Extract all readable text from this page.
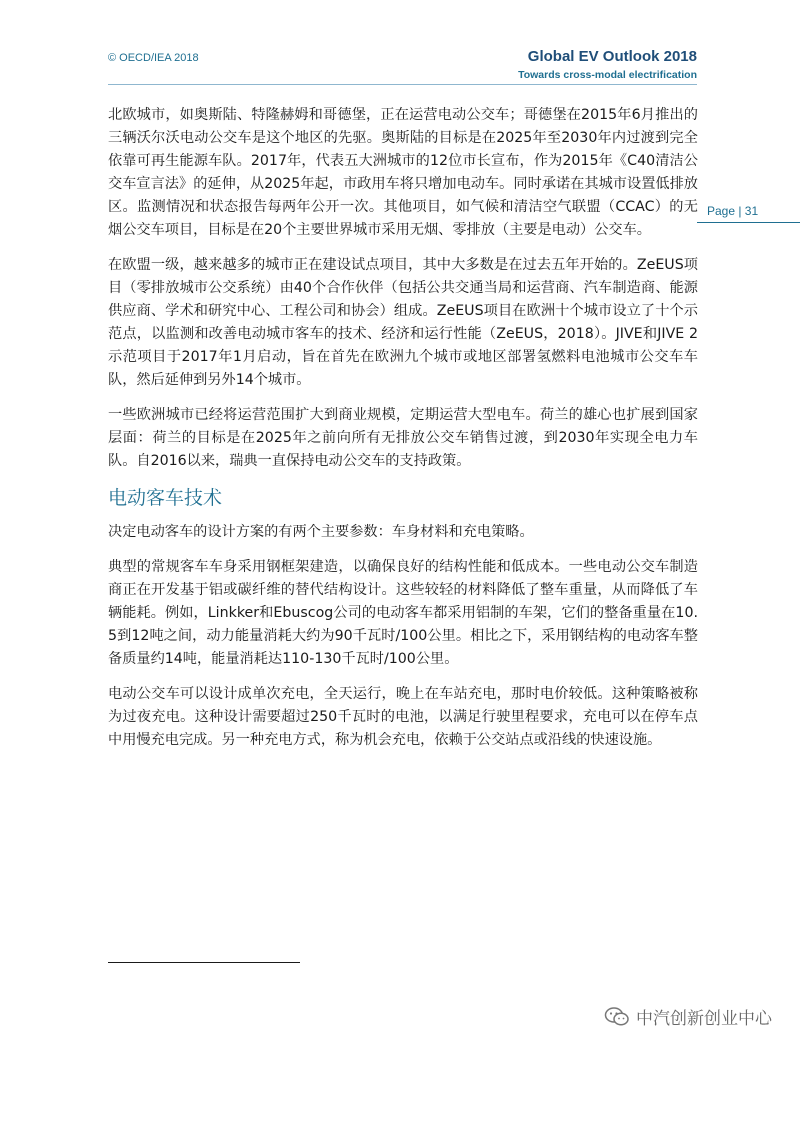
© OECD/IEA 2018	Global EV Outlook 2018
Towards cross-modal electrification
Page | 31

北欧城市，如奥斯陆、特隆赫姆和哥德堡，正在运营电动公交车；哥德堡在2015年6月推出的三辆沃尔沃电动公交车是这个地区的先驱。奥斯陆的目标是在2025年至2030年内过渡到完全依靠可再生能源车队。2017年，代表五大洲城市的12位市长宣布，作为2015年《C40清洁公交车宣言法》的延伸，从2025年起，市政用车将只增加电动车。同时承诺在其城市设置低排放区。监测情况和状态报告每两年公开一次。其他项目，如气候和清洁空气联盟（CCAC）的无烟公交车项目，目标是在20个主要世界城市采用无烟、零排放（主要是电动）公交车。

在欧盟一级，越来越多的城市正在建设试点项目，其中大多数是在过去五年开始的。ZeEUS项目（零排放城市公交系统）由40个合作伙伴（包括公共交通当局和运营商、汽车制造商、能源供应商、学术和研究中心、工程公司和协会）组成。ZeEUS项目在欧洲十个城市设立了十个示范点，以监测和改善电动城市客车的技术、经济和运行性能（ZeEUS，2018）。JIVE和JIVE 2示范项目于2017年1月启动，旨在首先在欧洲九个城市或地区部署氢燃料电池城市公交车车队，然后延伸到另外14个城市。

一些欧洲城市已经将运营范围扩大到商业规模，定期运营大型电车。荷兰的雄心也扩展到国家层面：荷兰的目标是在2025年之前向所有无排放公交车销售过渡，到2030年实现全电力车队。自2016以来，瑞典一直保持电动公交车的支持政策。

电动客车技术

决定电动客车的设计方案的有两个主要参数：车身材料和充电策略。

典型的常规客车车身采用钢框架建造，以确保良好的结构性能和低成本。一些电动公交车制造商正在开发基于铝或碳纤维的替代结构设计。这些较轻的材料降低了整车重量，从而降低了车辆能耗。例如，Linkker和Ebuscog公司的电动客车都采用铝制的车架，它们的整备重量在10.5到12吨之间，动力能量消耗大约为90千瓦时/100公里。相比之下，采用钢结构的电动客车整备质量约14吨，能量消耗达110-130千瓦时/100公里。

电动公交车可以设计成单次充电，全天运行，晚上在车站充电，那时电价较低。这种策略被称为过夜充电。这种设计需要超过250千瓦时的电池，以满足行驶里程要求，充电可以在停车点中用慢充电完成。另一种充电方式，称为机会充电，依赖于公交站点或沿线的快速设施。

中汽创新创业中心
